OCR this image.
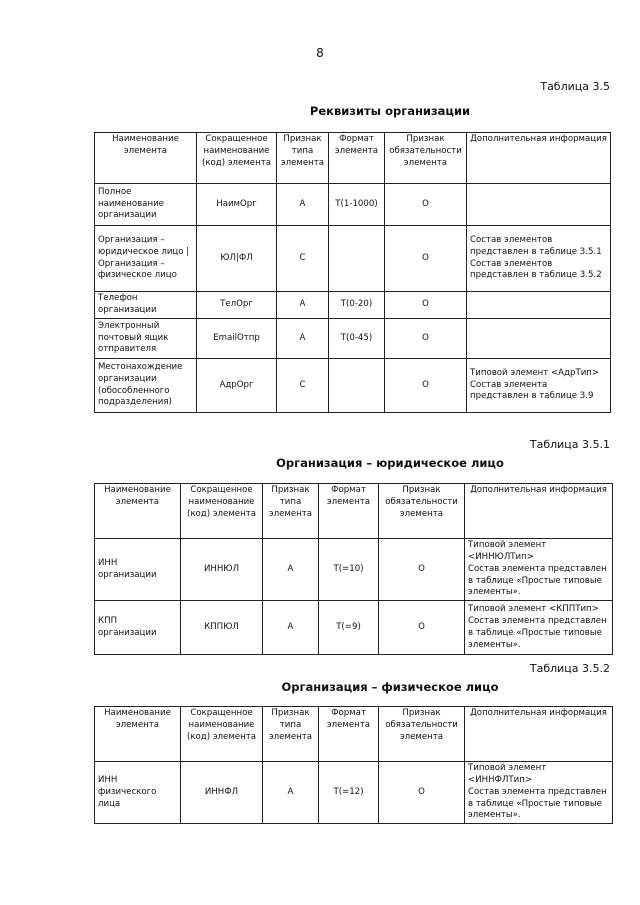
8
Таблица 3.5
Реквизиты организации
Наименование элемента	Сокращенное наименование (код) элемента	Признак типа элемента	Формат элемента	Признак обязательности элемента	Дополнительная информация
Полное наименование организации	НаимОрг	А	Т(1-1000)	О	
Организация – юридическое лицо | Организация – физическое лицо	ЮЛ|ФЛ	С		О	Состав элементов представлен в таблице 3.5.1
Состав элементов представлен в таблице 3.5.2
Телефон организации	ТелОрг	А	Т(0-20)	О	
Электронный почтовый ящик отправителя	EmailОтпр	А	Т(0-45)	О	
Местонахождение организации (обособленного подразделения)	АдрОрг	С		О	Типовой элемент <АдрТип>
Состав элемента представлен в таблице 3.9
Таблица 3.5.1
Организация – юридическое лицо
Наименование элемента	Сокращенное наименование (код) элемента	Признак типа элемента	Формат элемента	Признак обязательности элемента	Дополнительная информация
ИНН организации	ИННЮЛ	А	Т(=10)	О	Типовой элемент <ИННЮЛТип>
Состав элемента представлен в таблице «Простые типовые элементы».
КПП организации	КППЮЛ	А	Т(=9)	О	Типовой элемент <КППТип>
Состав элемента представлен в таблице «Простые типовые элементы».
Таблица 3.5.2
Организация – физическое лицо
Наименование элемента	Сокращенное наименование (код) элемента	Признак типа элемента	Формат элемента	Признак обязательности элемента	Дополнительная информация
ИНН физического лица	ИННФЛ	А	Т(=12)	О	Типовой элемент <ИННФЛТип>
Состав элемента представлен в таблице «Простые типовые элементы».
